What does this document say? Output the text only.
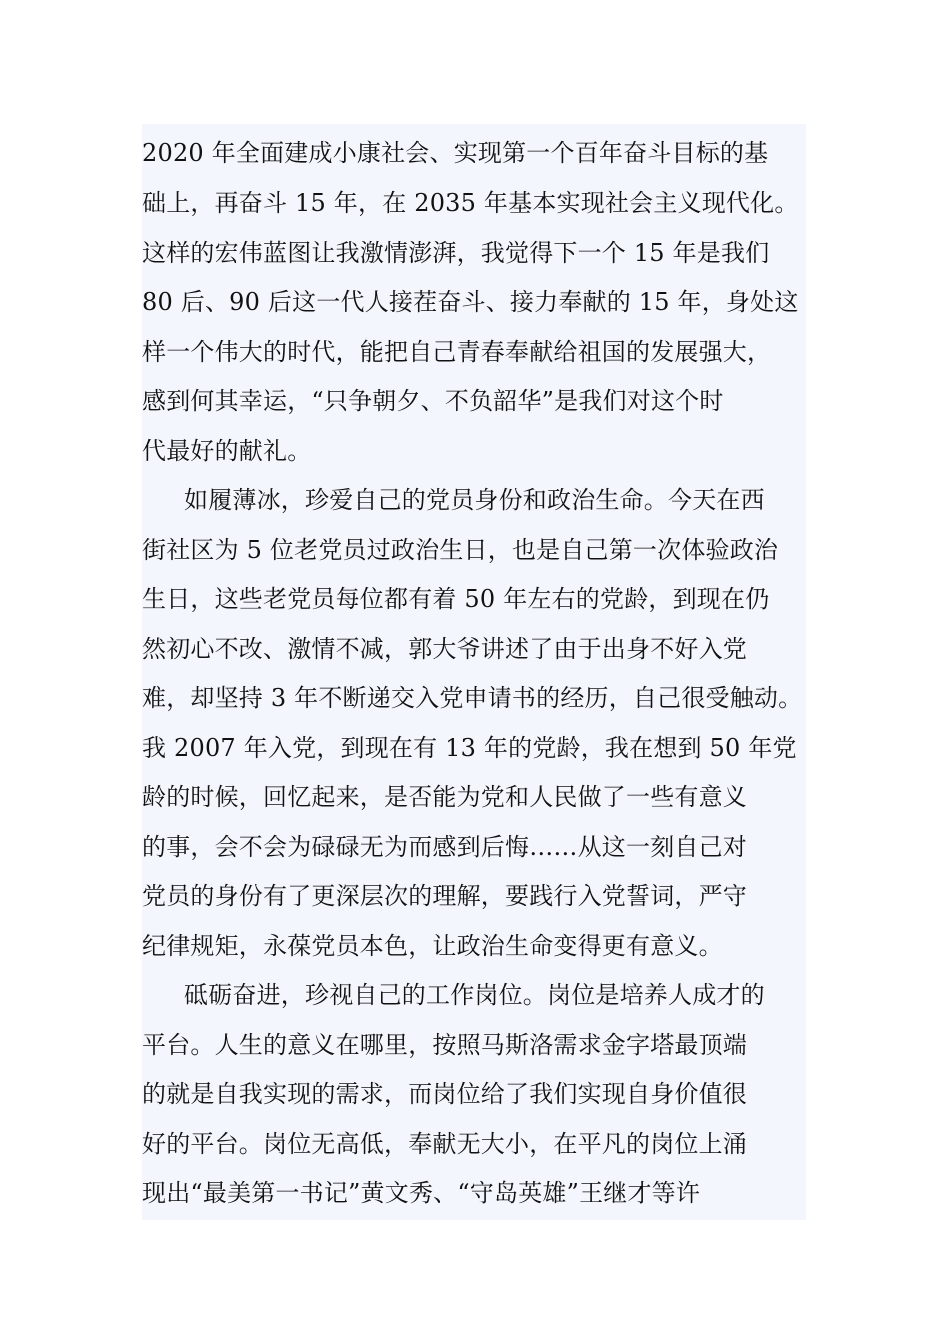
2020 年全面建成小康社会、实现第一个百年奋斗目标的基
础上，再奋斗 15 年，在 2035 年基本实现社会主义现代化。
这样的宏伟蓝图让我激情澎湃，我觉得下一个 15 年是我们
80 后、90 后这一代人接茬奋斗、接力奉献的 15 年，身处这
样一个伟大的时代，能把自己青春奉献给祖国的发展强大，
感到何其幸运，“只争朝夕、不负韶华”是我们对这个时
代最好的献礼。
如履薄冰，珍爱自己的党员身份和政治生命。今天在西
街社区为 5 位老党员过政治生日，也是自己第一次体验政治
生日，这些老党员每位都有着 50 年左右的党龄，到现在仍
然初心不改、激情不减，郭大爷讲述了由于出身不好入党
难，却坚持 3 年不断递交入党申请书的经历，自己很受触动。
我 2007 年入党，到现在有 13 年的党龄，我在想到 50 年党
龄的时候，回忆起来，是否能为党和人民做了一些有意义
的事，会不会为碌碌无为而感到后悔……从这一刻自己对
党员的身份有了更深层次的理解，要践行入党誓词，严守
纪律规矩，永葆党员本色，让政治生命变得更有意义。
砥砺奋进，珍视自己的工作岗位。岗位是培养人成才的
平台。人生的意义在哪里，按照马斯洛需求金字塔最顶端
的就是自我实现的需求，而岗位给了我们实现自身价值很
好的平台。岗位无高低，奉献无大小，在平凡的岗位上涌
现出“最美第一书记”黄文秀、“守岛英雄”王继才等许
